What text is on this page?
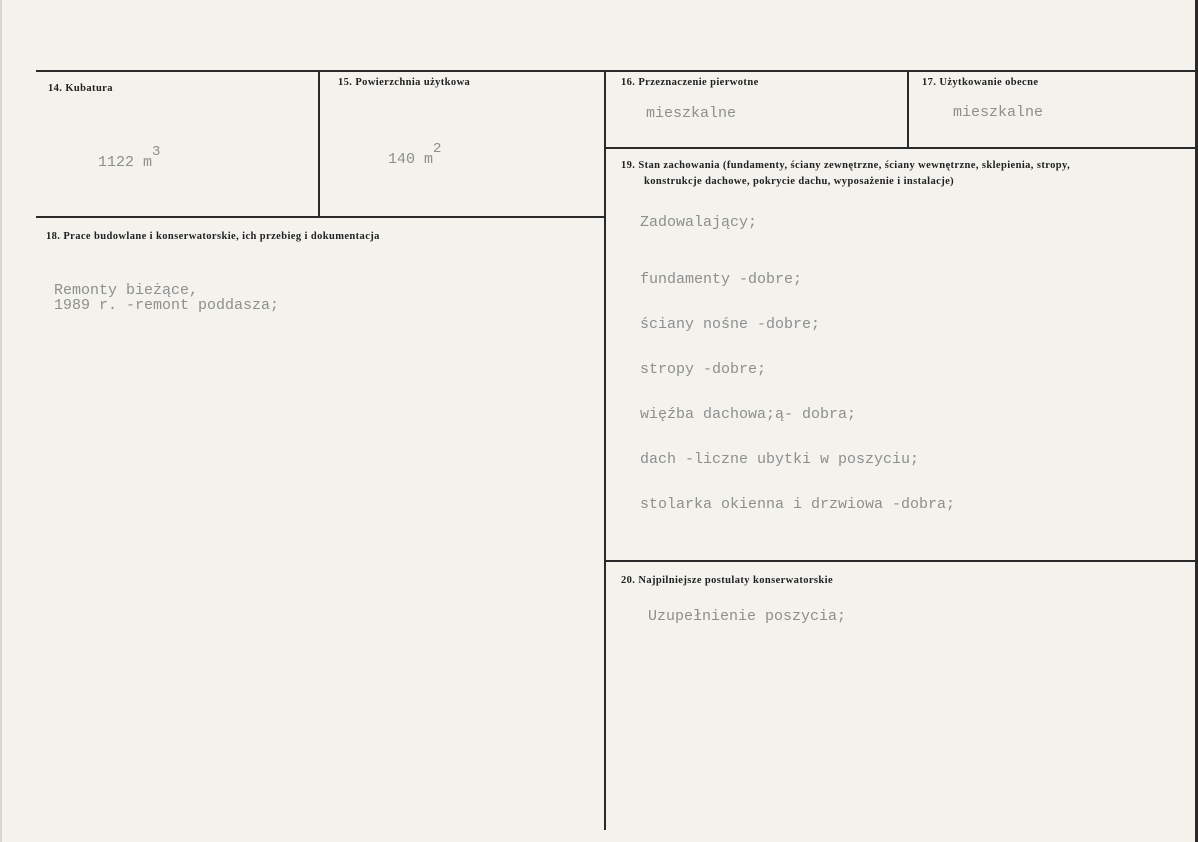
14. Kubatura

1122 m3

15. Powierzchnia użytkowa

140 m2

16. Przeznaczenie pierwotne
mieszkalne
17. Użytkowanie obecne
mieszkalne
18. Prace budowlane i konserwatorskie, ich przebieg i dokumentacja
Remonty bieżące,
1989 r. -remont poddasza;
19. Stan zachowania (fundamenty, ściany zewnętrzne, ściany wewnętrzne, sklepienia, stropy,
konstrukcje dachowe, pokrycie dachu, wyposażenie i instalacje)
Zadowalający;

fundamenty -dobre;

ściany nośne -dobre;

stropy -dobre;

więźba dachowa;ą- dobra;

dach -liczne ubytki w poszyciu;

stolarka okienna i drzwiowa -dobra;

20. Najpilniejsze postulaty konserwatorskie
Uzupełnienie poszycia;
